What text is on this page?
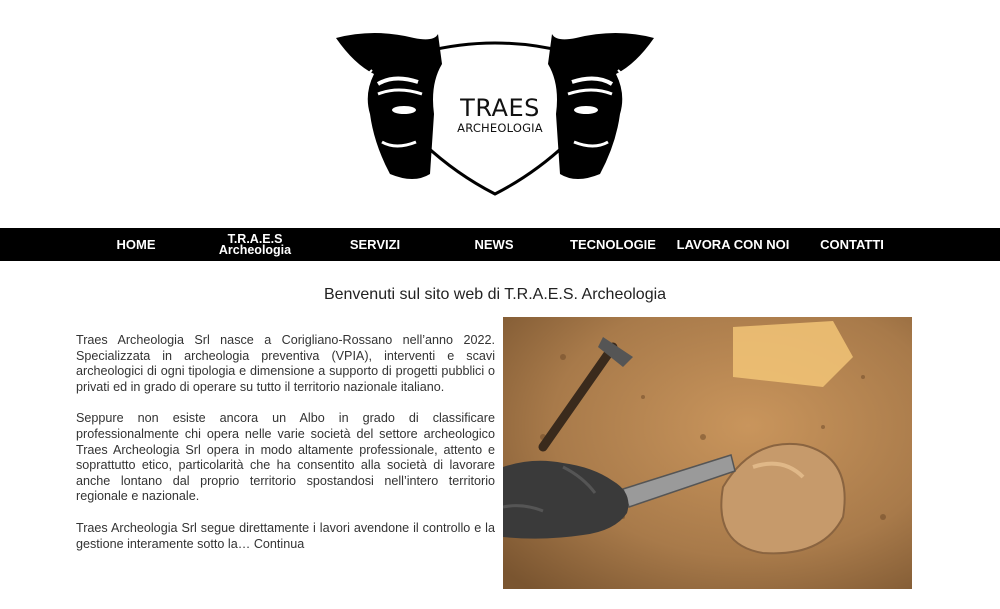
TRAES
ARCHEOLOGIA
HOME	T.R.A.E.S
Archeologia	SERVIZI	NEWS	TECNOLOGIE LAVORA CON NOI CONTATTI
Benvenuti sul sito web di T.R.A.E.S. Archeologia

Traes Archeologia Srl nasce a Corigliano-Rossano nell’anno 2022. Specializzata in archeologia preventiva (VPIA), interventi e scavi archeologici di ogni tipologia e dimensione a supporto di progetti pubblici o privati ed in grado di operare su tutto il territorio nazionale italiano.

Seppure non esiste ancora un Albo in grado di classificare professionalmente chi opera nelle varie società del settore archeologico Traes Archeologia Srl opera in modo altamente professionale, attento e soprattutto etico, particolarità che ha consentito alla società di lavorare anche lontano dal proprio territorio spostandosi nell’intero territorio regionale e nazionale.

Traes Archeologia Srl segue direttamente i lavori avendone il controllo e la gestione interamente sotto la… Continua
